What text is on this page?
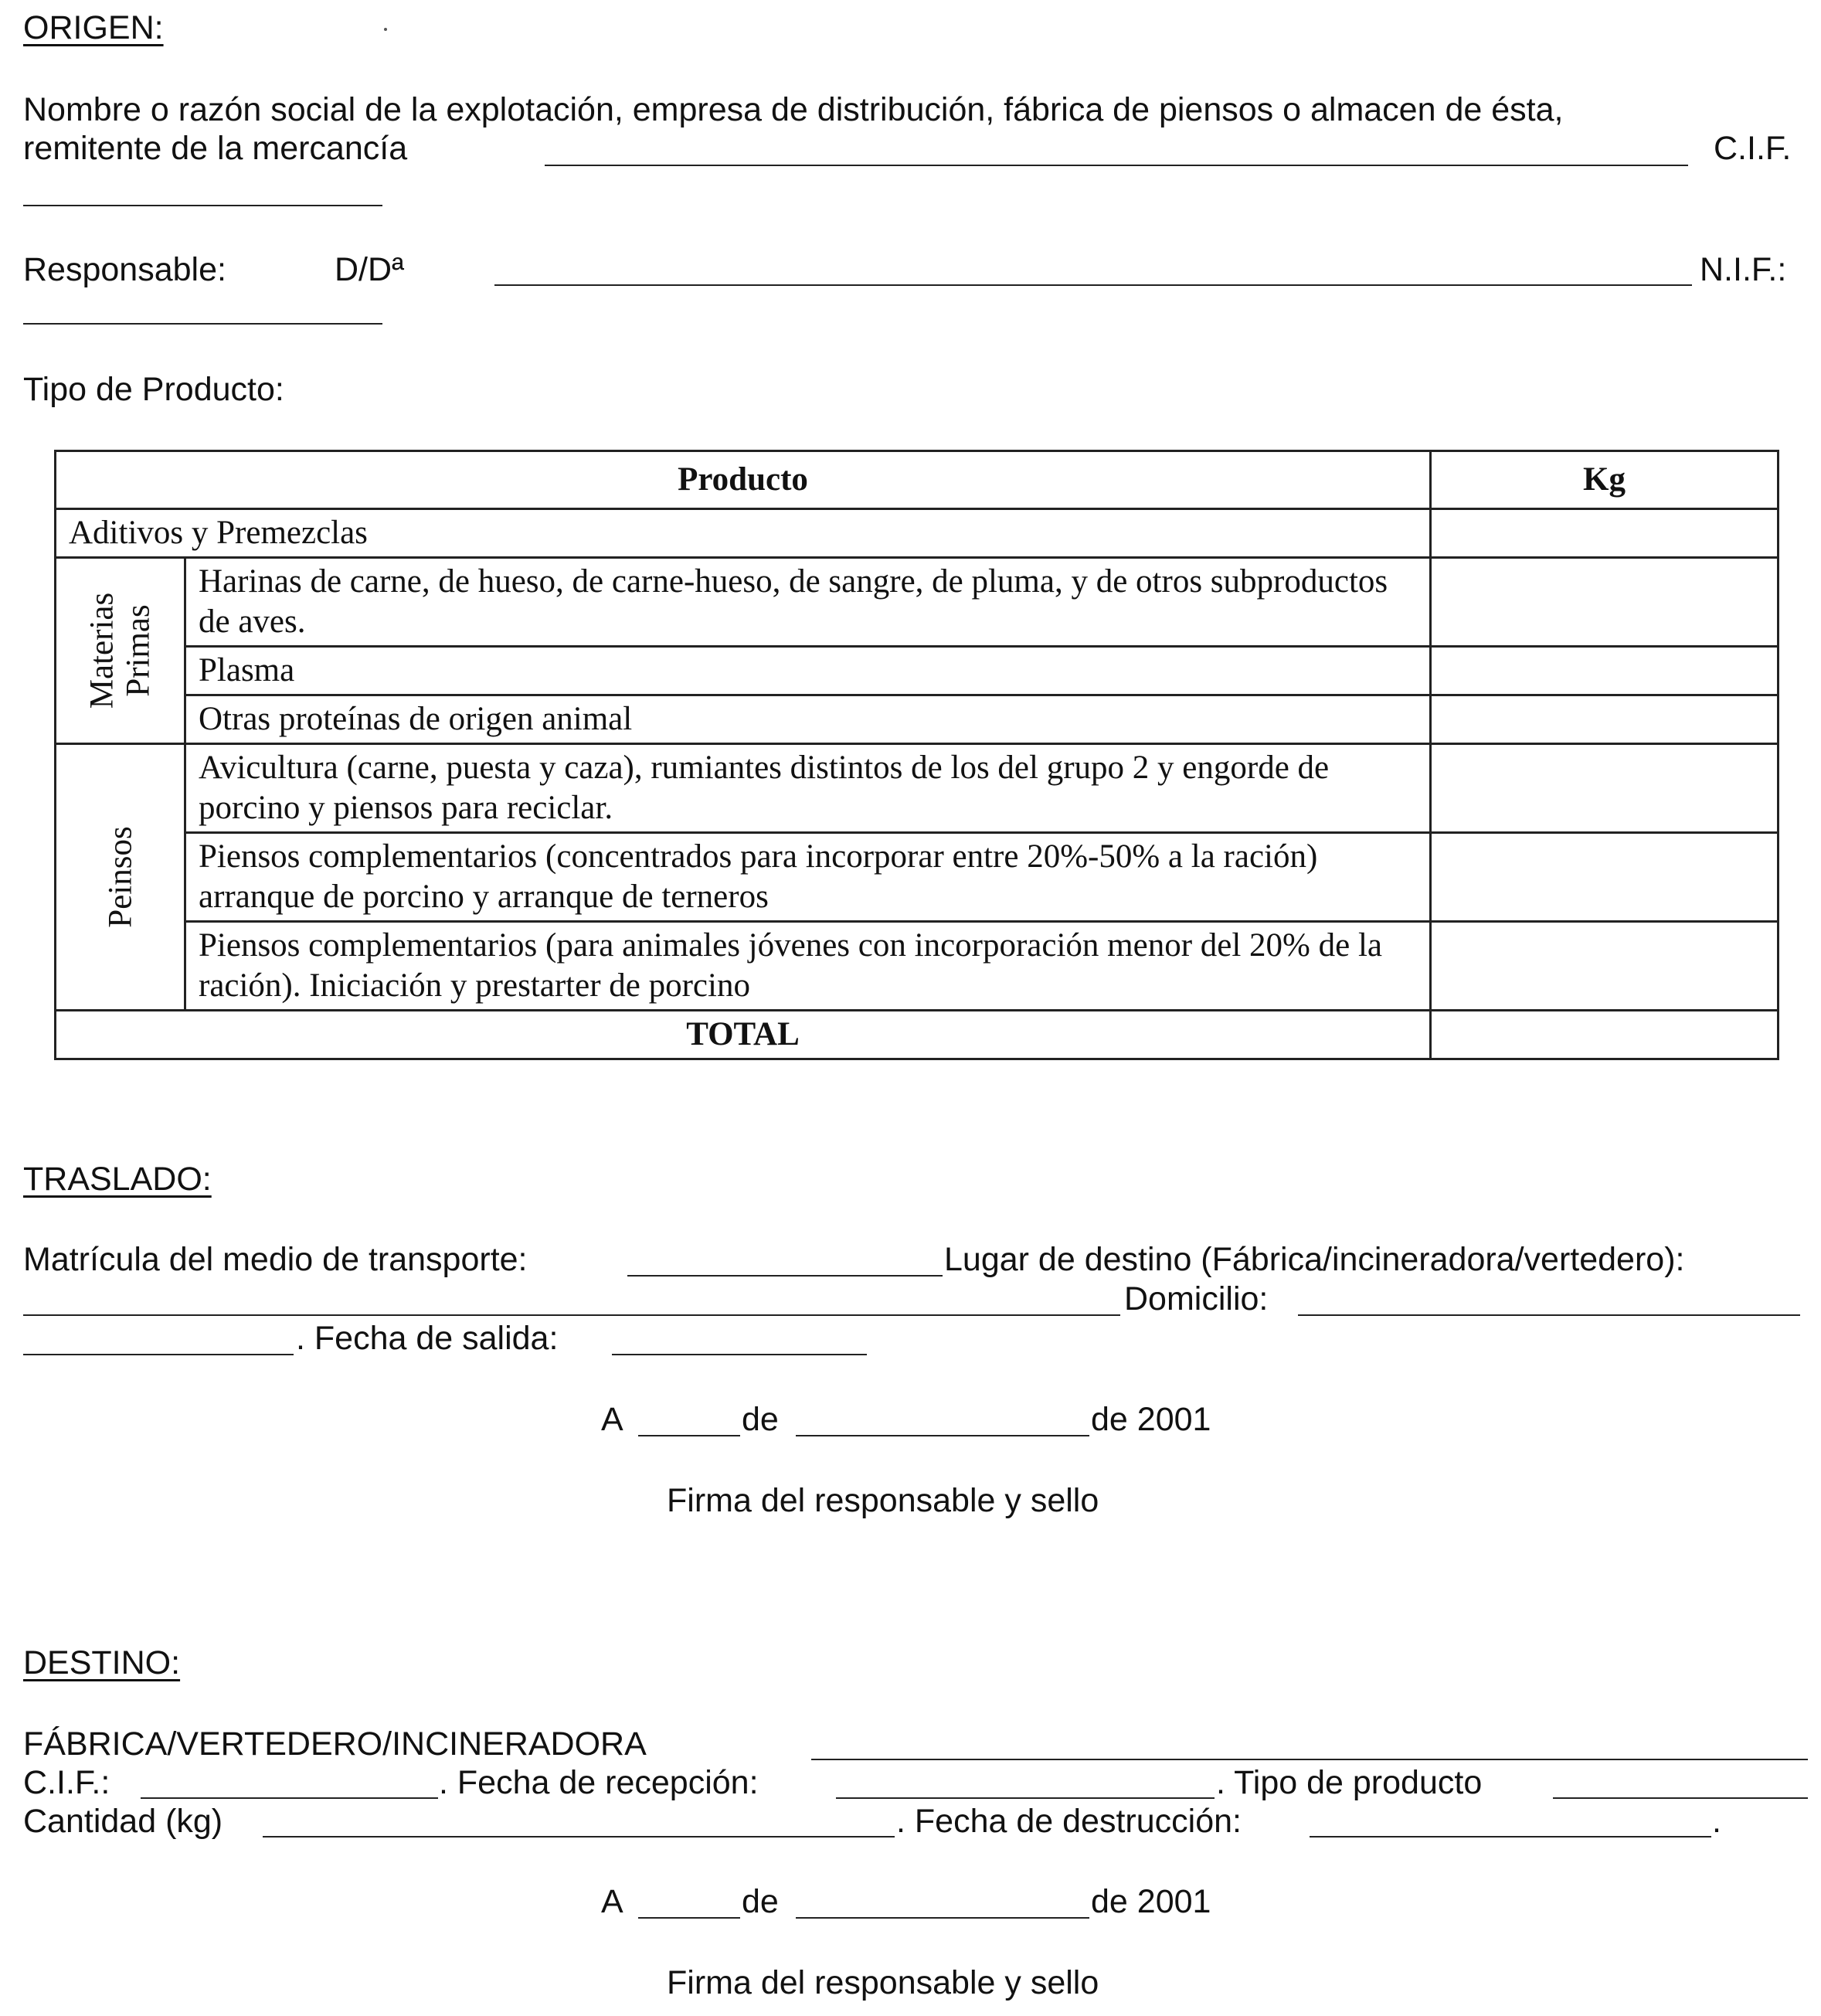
ORIGEN:
Nombre o razón social de la explotación, empresa de distribución, fábrica de piensos o almacen de ésta,
remitente de la mercancía	C.I.F.
Responsable:	D/Dª	N.I.F.:
Tipo de Producto:
Producto		Kg
Aditivos y Premezclas		

Materias Primas	Harinas de carne, de hueso, de carne-hueso, de sangre, de pluma, y de otros subproductos de aves.	
	Plasma	
	Otras proteínas de origen animal	

Peinsos	Avicultura (carne, puesta y caza), rumiantes distintos de los del grupo 2 y engorde de porcino y piensos para reciclar.	
	Piensos complementarios (concentrados para incorporar entre 20%-50% a la ración) arranque de porcino y arranque de terneros	
	Piensos complementarios (para animales jóvenes con incorporación menor del 20% de la ración). Iniciación y prestarter de porcino	
TOTAL		
TRASLADO:
Matrícula del medio de transporte:	Lugar de destino (Fábrica/incineradora/vertedero):
Domicilio:
. Fecha de salida:
A	de	de 2001
Firma del responsable y sello
DESTINO:
FÁBRICA/VERTEDERO/INCINERADORA
C.I.F.:	. Fecha de recepción:	. Tipo de producto
Cantidad (kg)	. Fecha de destrucción:	.
A	de	de 2001
Firma del responsable y sello
